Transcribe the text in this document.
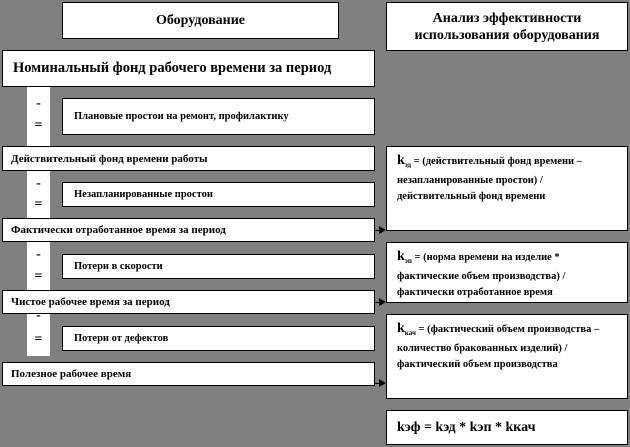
Оборудование	Анализ эффективности использования оборудования
Номинальный фонд рабочего времени за период
Действительный фонд времени работы
Фактически отработанное время за период
Чистое рабочее время за период
Полезное рабочее время
-
=
-
=
-
=
-
=
Плановые простои на ремонт, профилактику
Незапланированные простои
Потери в скорости
Потери от дефектов
$k_{эд}$ = (действительный фонд времени – незапланированные простои) / действительный фонд времени
$k_{эп}$ = (норма времени на изделие * фактические объем производства) / фактически отработанное время
$k_{кач}$ = (фактический объем производства – количество бракованных изделий) / фактический объем производства
kэф = kэд * kэп * kкач
